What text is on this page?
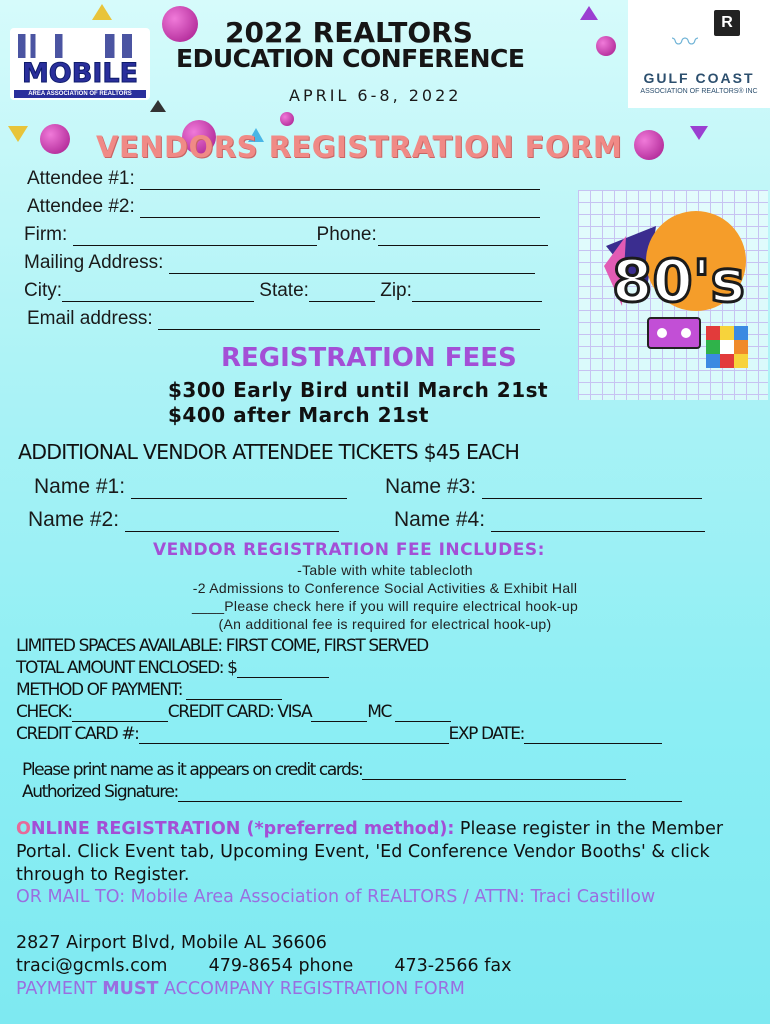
MOBILE
AREA ASSOCIATION OF REALTORS
R
〰
GULF COAST
ASSOCIATION OF REALTORS® INC
2022 REALTORS
EDUCATION CONFERENCE
APRIL 6-8, 2022
VENDORS REGISTRATION FORM
Attendee #1:
Attendee #2:
Firm:	Phone:
Mailing Address:
City:	State:	Zip:
Email address:
80's
REGISTRATION FEES
$300 Early Bird until March 21st
$400 after March 21st
ADDITIONAL VENDOR ATTENDEE TICKETS $45 EACH
Name #1:	Name #3:
Name #2:	Name #4:
VENDOR REGISTRATION FEE INCLUDES:
-Table with white tablecloth
-2 Admissions to Conference Social Activities & Exhibit Hall
____Please check here if you will require electrical hook-up
(An additional fee is required for electrical hook-up)
LIMITED SPACES AVAILABLE: FIRST COME, FIRST SERVED
TOTAL AMOUNT ENCLOSED: $
METHOD OF PAYMENT:
CHECK:	CREDIT CARD: VISA	MC
CREDIT CARD #:	EXP DATE:
Please print name as it appears on credit cards:
Authorized Signature:
ONLINE REGISTRATION (*preferred method): Please register in the Member Portal. Click Event tab, Upcoming Event, 'Ed Conference Vendor Booths' & click through to Register.
OR MAIL TO: Mobile Area Association of REALTORS / ATTN: Traci Castillow
2827 Airport Blvd, Mobile AL 36606
traci@gcmls.com 479-8654 phone 473-2566 fax
PAYMENT MUST ACCOMPANY REGISTRATION FORM
